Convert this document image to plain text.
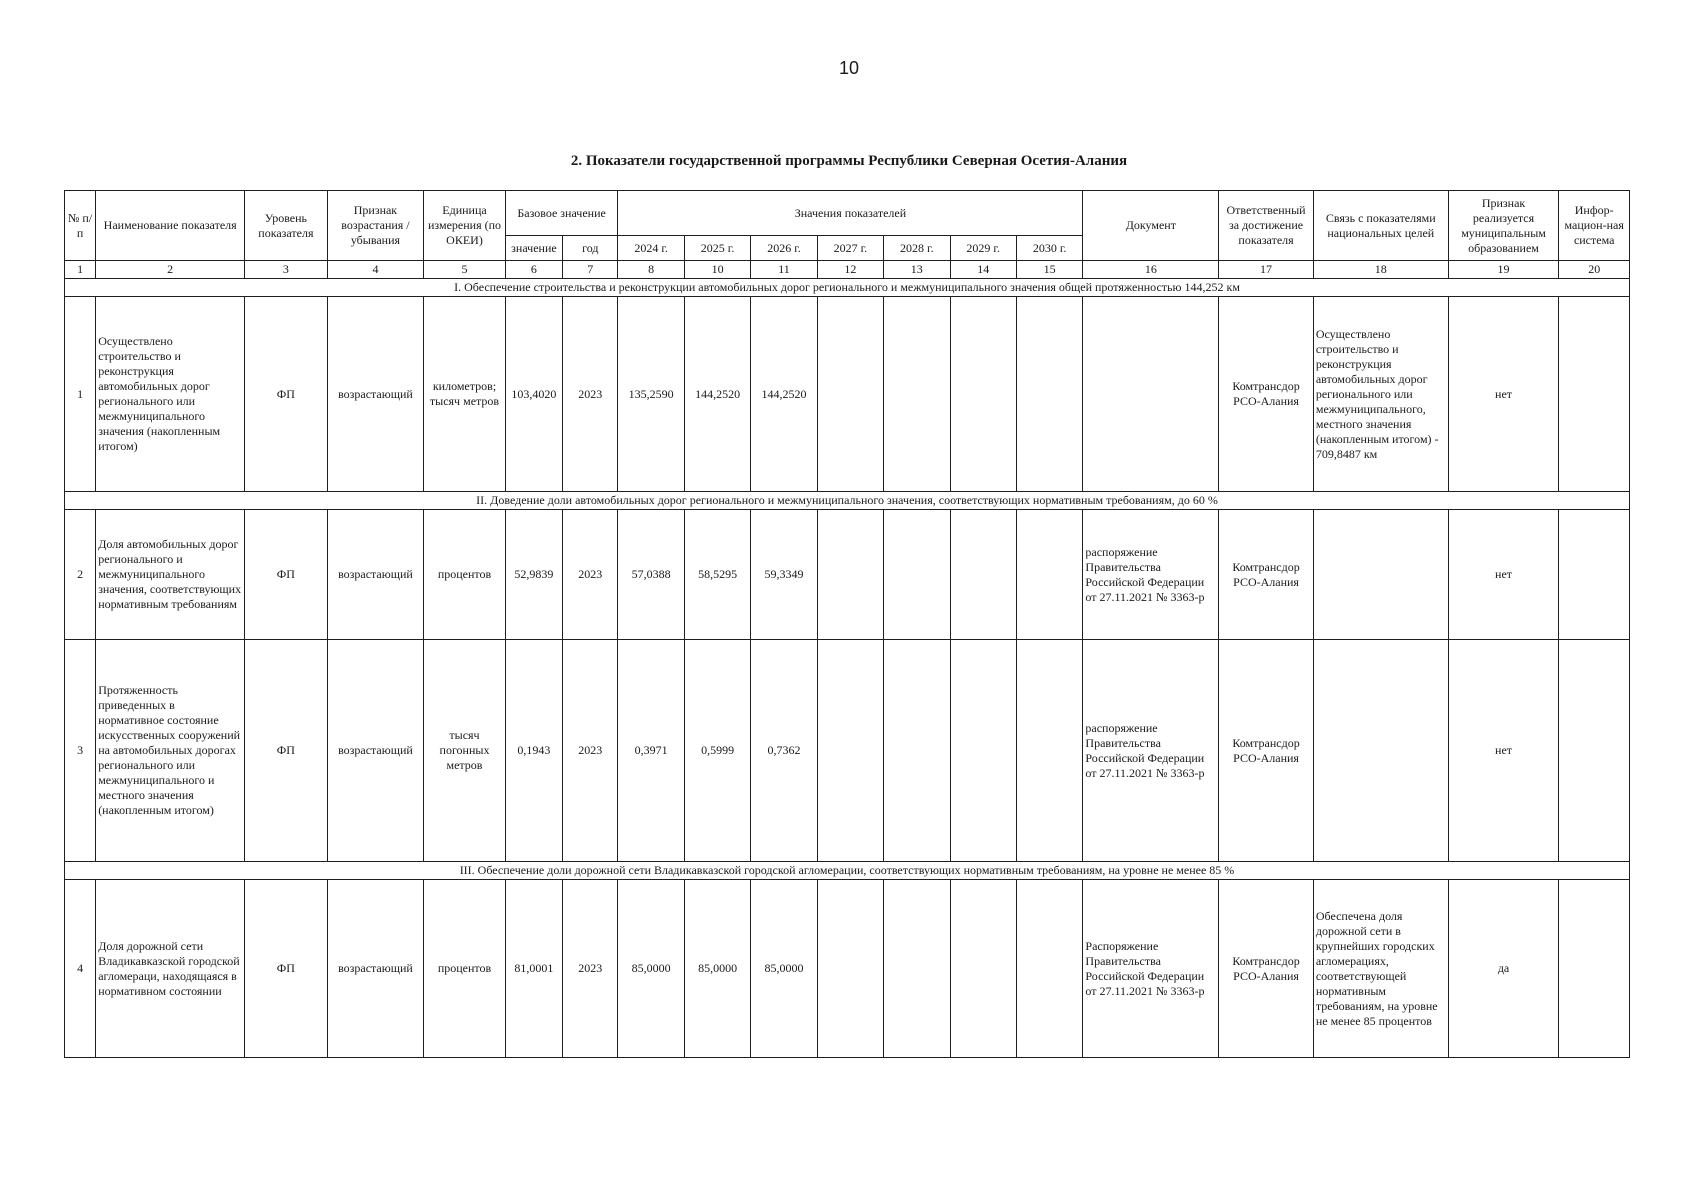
10
2. Показатели государственной программы Республики Северная Осетия-Алания
№ п/п	Наименование показателя	Уровень показателя	Признак возрастания / убывания	Единица измерения (по ОКЕИ)	Базовое значение		Значения показателей							Документ	Ответственный за достижение показателя	Связь с показателями национальных целей	Признак реализуется муниципальным образованием	Инфор-мацион-ная система
					значение	год	2024 г.	2025 г.	2026 г.	2027 г.	2028 г.	2029 г.	2030 г.					
1	2	3	4	5	6	7	8	10	11	12	13	14	15	16	17	18	19	20
I. Обеспечение строительства и реконструкции автомобильных дорог регионального и межмуниципального значения общей протяженностью 144,252 км																		
1	Осуществлено строительство и реконструкция автомобильных дорог регионального или межмуниципального значения (накопленным итогом)	ФП	возрастающий	километров; тысяч метров	103,4020	2023	135,2590	144,2520	144,2520						Комтрансдор РСО-Алания	Осуществлено строительство и реконструкция автомобильных дорог регионального или межмуниципального, местного значения (накопленным итогом) - 709,8487 км	нет	
II. Доведение доли автомобильных дорог регионального и межмуниципального значения, соответствующих нормативным требованиям, до 60 %																		
2	Доля автомобильных дорог регионального и межмуниципального значения, соответствующих нормативным требованиям	ФП	возрастающий	процентов	52,9839	2023	57,0388	58,5295	59,3349					распоряжение Правительства Российской Федерации от 27.11.2021 № 3363-р	Комтрансдор РСО-Алания		нет	
3	Протяженность приведенных в нормативное состояние искусственных сооружений на автомобильных дорогах регионального или межмуниципального и местного значения (накопленным итогом)	ФП	возрастающий	тысяч погонных метров	0,1943	2023	0,3971	0,5999	0,7362					распоряжение Правительства Российской Федерации от 27.11.2021 № 3363-р	Комтрансдор РСО-Алания		нет	
III. Обеспечение доли дорожной сети Владикавказской городской агломерации, соответствующих нормативным требованиям, на уровне не менее 85 %																		
4	Доля дорожной сети Владикавказской городской агломераци, находящаяся в нормативном состоянии	ФП	возрастающий	процентов	81,0001	2023	85,0000	85,0000	85,0000					Распоряжение Правительства Российской Федерации от 27.11.2021 № 3363-р	Комтрансдор РСО-Алания	Обеспечена доля дорожной сети в крупнейших городских агломерациях, соответствующей нормативным требованиям, на уровне не менее 85 процентов	да	
